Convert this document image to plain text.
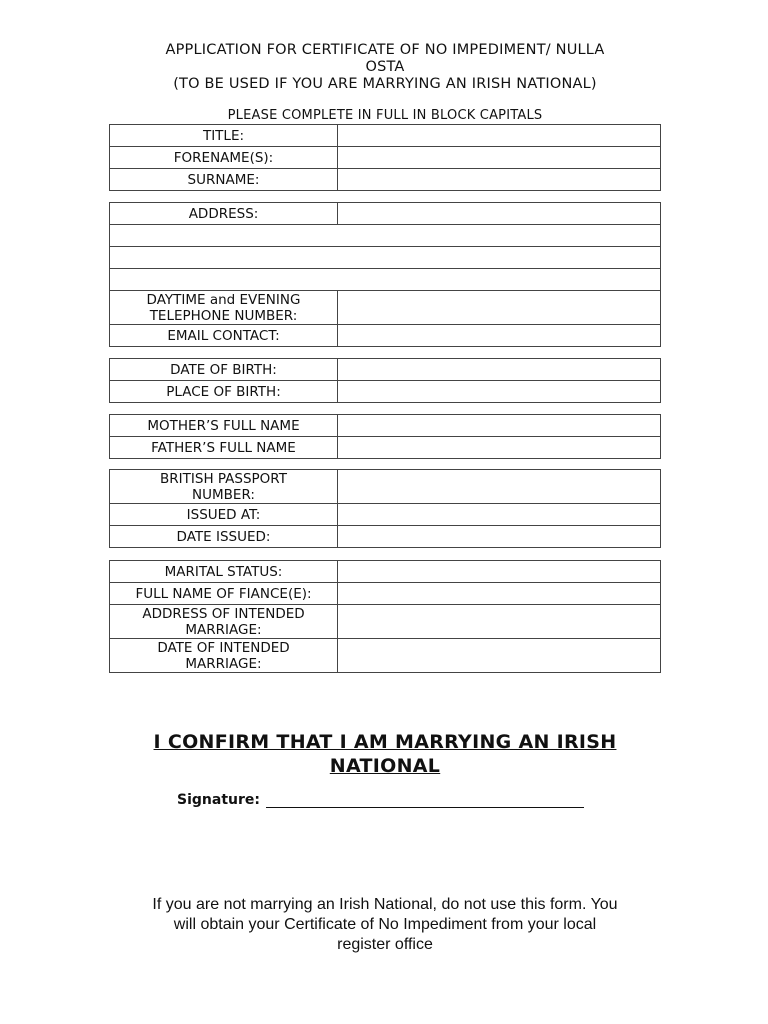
APPLICATION FOR CERTIFICATE OF NO IMPEDIMENT/ NULLA
OSTA
(TO BE USED IF YOU ARE MARRYING AN IRISH NATIONAL)
PLEASE COMPLETE IN FULL IN BLOCK CAPITALS
TITLE:	
FORENAME(S):	
SURNAME:	
ADDRESS:	

DAYTIME and EVENING
TELEPHONE NUMBER:	

EMAIL CONTACT:	
DATE OF BIRTH:	
PLACE OF BIRTH:	
MOTHER’S FULL NAME	
FATHER’S FULL NAME	
BRITISH PASSPORT
NUMBER:	

ISSUED AT:	
DATE ISSUED:	
MARITAL STATUS:	
FULL NAME OF FIANCE(E):	

ADDRESS OF INTENDED
MARRIAGE:	

DATE OF INTENDED
MARRIAGE:	

I CONFIRM THAT I AM MARRYING AN IRISH
NATIONAL
Signature:
If you are not marrying an Irish National, do not use this form. You
will obtain your Certificate of No Impediment from your local
register office
